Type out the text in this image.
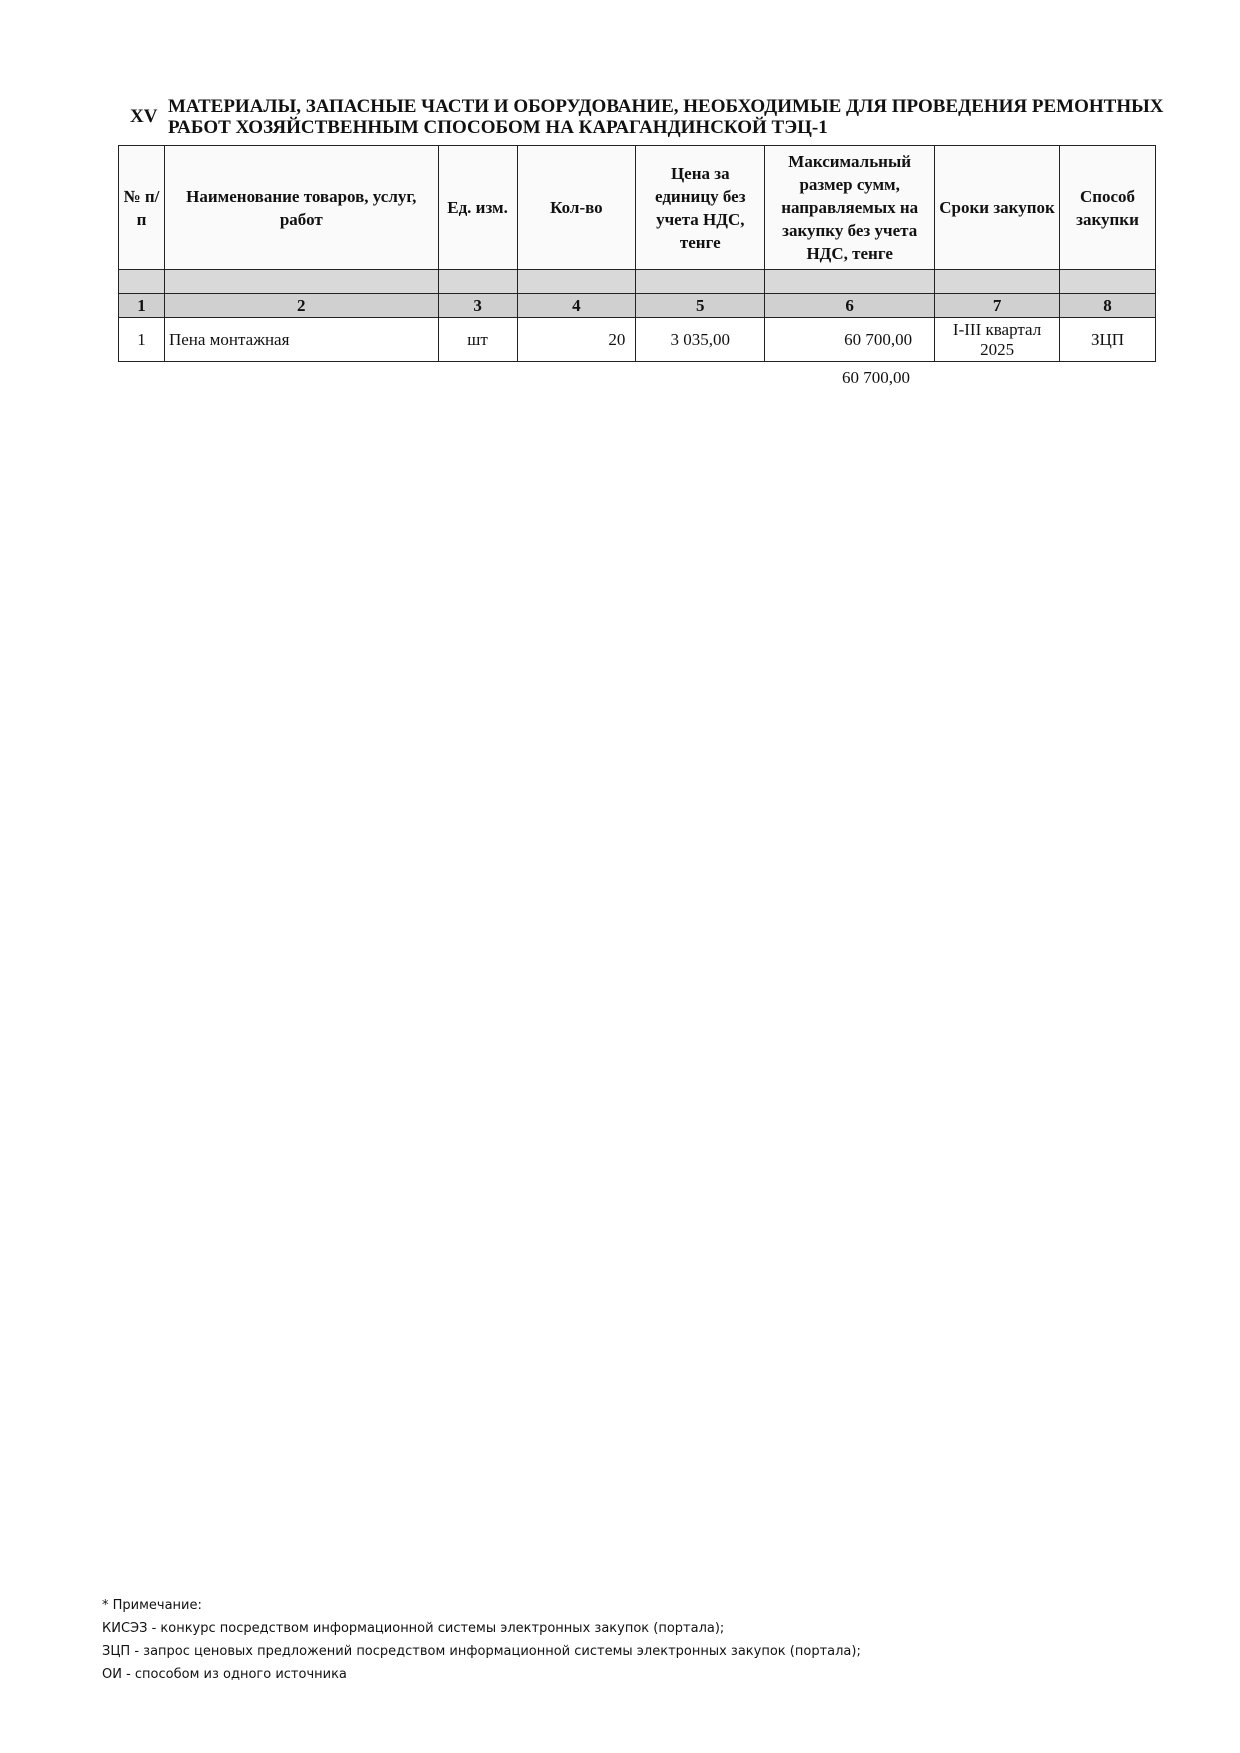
XV МАТЕРИАЛЫ, ЗАПАСНЫЕ ЧАСТИ И ОБОРУДОВАНИЕ, НЕОБХОДИМЫЕ ДЛЯ ПРОВЕДЕНИЯ РЕМОНТНЫХ РАБОТ ХОЗЯЙСТВЕННЫМ СПОСОБОМ НА КАРАГАНДИНСКОЙ ТЭЦ-1
№ п/п	Наименование товаров, услуг, работ	Ед. изм.	Кол-во	Цена за единицу без учета НДС, тенге	Максимальный размер сумм, направляемых на закупку без учета НДС, тенге	Сроки закупок	Способ закупки

1	2	3	4	5	6	7	8
1	Пена монтажная	шт	20	3 035,00	60 700,00	I-III квартал 2025	ЗЦП
60 700,00
* Примечание:
КИСЭЗ - конкурс посредством информационной системы электронных закупок (портала);
ЗЦП - запрос ценовых предложений посредством информационной системы электронных закупок (портала);
ОИ - способом из одного источника
